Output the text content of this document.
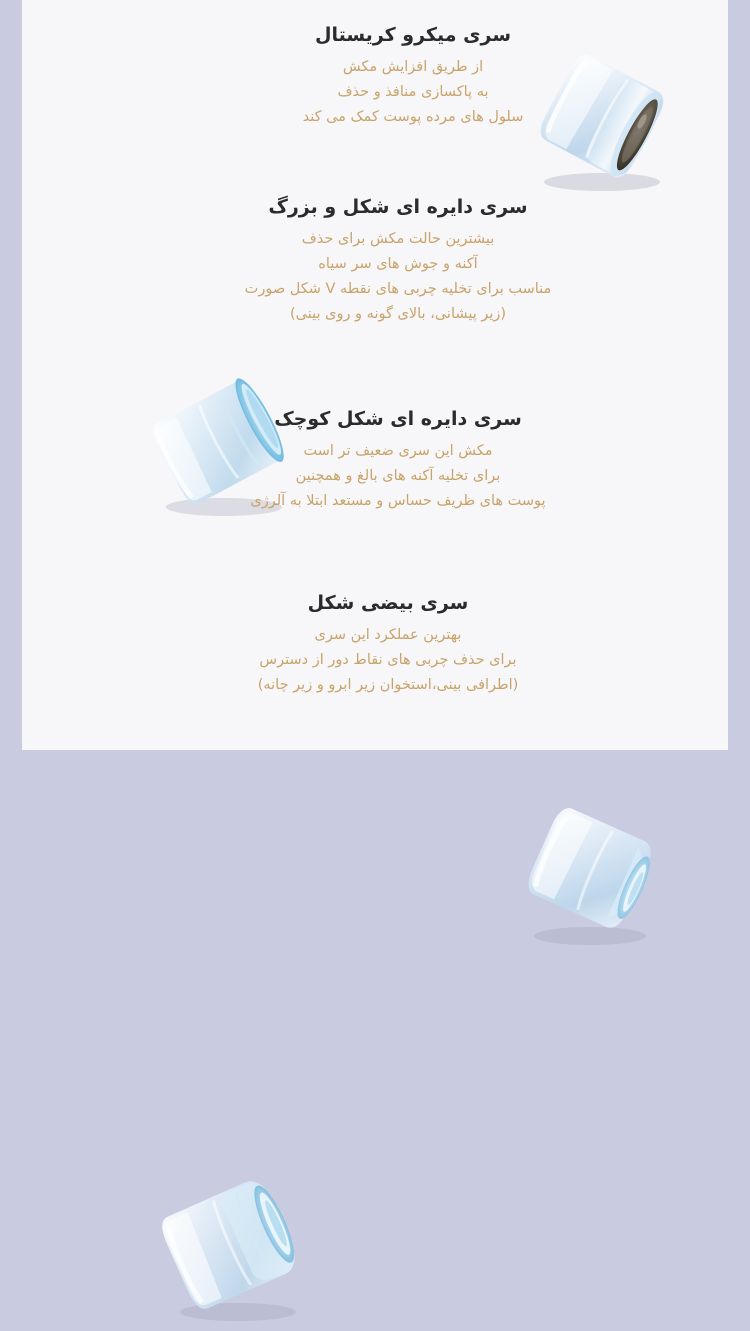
سری میکرو کریستال
از طریق افزایش مکش
به پاکسازی منافذ و حذف
سلول های مرده پوست کمک می کند
سری دایره ای شکل و بزرگ
بیشترین حالت مکش برای حذف
آکنه و جوش های سر سیاه
مناسب برای تخلیه چربی های نقطه V شکل صورت
(زیر پیشانی، بالای گونه و روی بینی)
سری دایره ای شکل کوچک
مکش این سری ضعیف تر است
برای تخلیه آکنه های بالغ و همچنین
پوست های ظریف حساس و مستعد ابتلا به آلرژی
سری بیضی شکل
بهترین عملکرد این سری
برای حذف چربی های نقاط دور از دسترس
(اطرافی بینی،استخوان زیر ابرو و زیر چانه)
